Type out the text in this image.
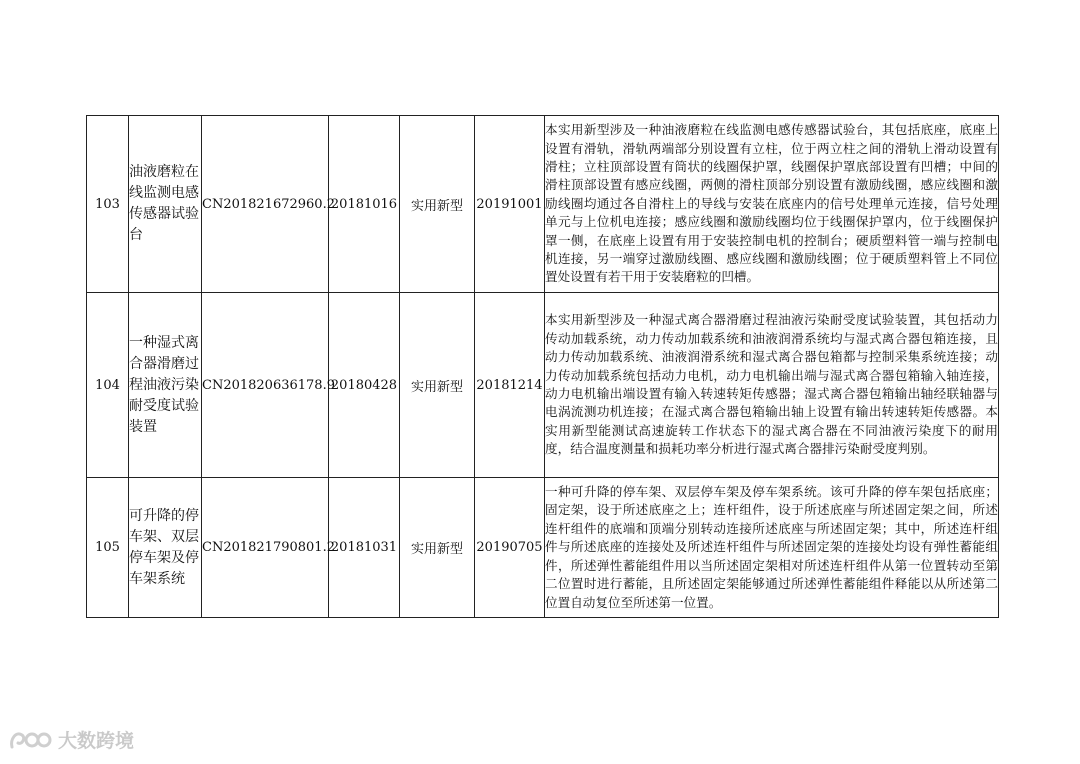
103	油液磨粒在线监测电感传感器试验台	CN201821672960.2	20181016	实用新型	20191001	本实用新型涉及一种油液磨粒在线监测电感传感器试验台，其包括底座，底座上设置有滑轨，滑轨两端部分别设置有立柱，位于两立柱之间的滑轨上滑动设置有滑柱；立柱顶部设置有筒状的线圈保护罩，线圈保护罩底部设置有凹槽；中间的滑柱顶部设置有感应线圈，两侧的滑柱顶部分别设置有激励线圈，感应线圈和激励线圈均通过各自滑柱上的导线与安装在底座内的信号处理单元连接，信号处理单元与上位机电连接；感应线圈和激励线圈均位于线圈保护罩内，位于线圈保护罩一侧，在底座上设置有用于安装控制电机的控制台；硬质塑料管一端与控制电机连接，另一端穿过激励线圈、感应线圈和激励线圈；位于硬质塑料管上不同位置处设置有若干用于安装磨粒的凹槽。
104	一种湿式离合器滑磨过程油液污染耐受度试验装置	CN201820636178.9	20180428	实用新型	20181214	本实用新型涉及一种湿式离合器滑磨过程油液污染耐受度试验装置，其包括动力传动加载系统，动力传动加载系统和油液润滑系统均与湿式离合器包箱连接，且动力传动加载系统、油液润滑系统和湿式离合器包箱都与控制采集系统连接；动力传动加载系统包括动力电机，动力电机输出端与湿式离合器包箱输入轴连接，动力电机输出端设置有输入转速转矩传感器；湿式离合器包箱输出轴经联轴器与电涡流测功机连接；在湿式离合器包箱输出轴上设置有输出转速转矩传感器。本实用新型能测试高速旋转工作状态下的湿式离合器在不同油液污染度下的耐用度，结合温度测量和损耗功率分析进行湿式离合器排污染耐受度判别。
105	可升降的停车架、双层停车架及停车架系统	CN201821790801.2	20181031	实用新型	20190705	一种可升降的停车架、双层停车架及停车架系统。该可升降的停车架包括底座；固定架，设于所述底座之上；连杆组件，设于所述底座与所述固定架之间，所述连杆组件的底端和顶端分别转动连接所述底座与所述固定架；其中，所述连杆组件与所述底座的连接处及所述连杆组件与所述固定架的连接处均设有弹性蓄能组件，所述弹性蓄能组件用以当所述固定架相对所述连杆组件从第一位置转动至第二位置时进行蓄能，且所述固定架能够通过所述弹性蓄能组件释能以从所述第二位置自动复位至所述第一位置。
大数跨境
